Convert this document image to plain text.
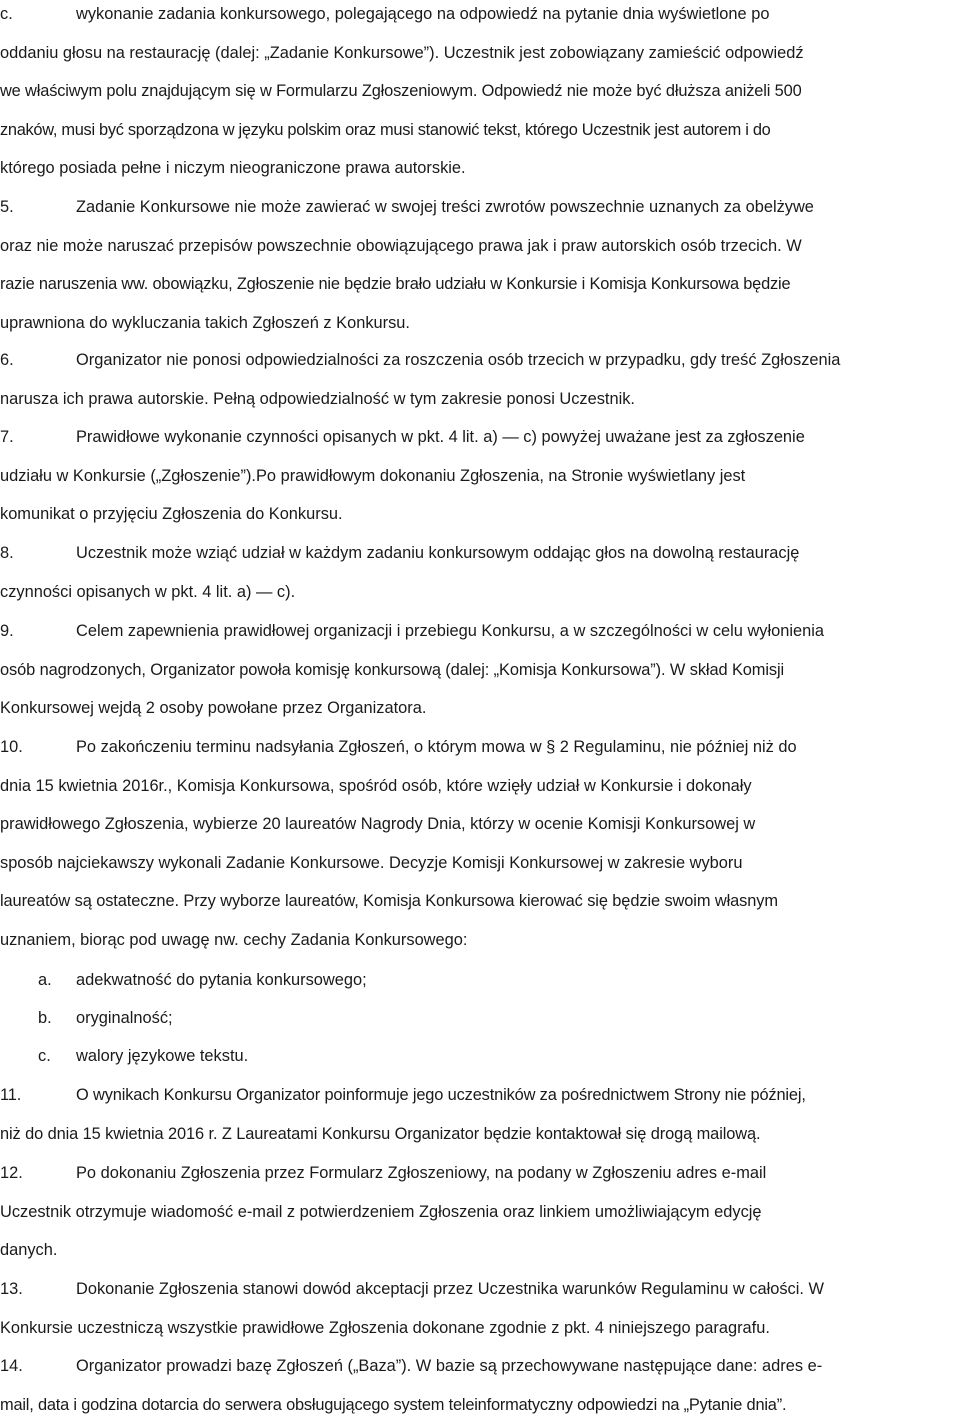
c.	wykonanie zadania konkursowego, polegającego na odpowiedź na pytanie dnia wyświetlone po
oddaniu głosu na restaurację (dalej: „Zadanie Konkursowe”). Uczestnik jest zobowiązany zamieścić odpowiedź
we właściwym polu znajdującym się w Formularzu Zgłoszeniowym. Odpowiedź nie może być dłuższa aniżeli 500
znaków, musi być sporządzona w języku polskim oraz musi stanowić tekst, którego Uczestnik jest autorem i do
którego posiada pełne i niczym nieograniczone prawa autorskie.
5.	Zadanie Konkursowe nie może zawierać w swojej treści zwrotów powszechnie uznanych za obelżywe
oraz nie może naruszać przepisów powszechnie obowiązującego prawa jak i praw autorskich osób trzecich. W
razie naruszenia ww. obowiązku, Zgłoszenie nie będzie brało udziału w Konkursie i Komisja Konkursowa będzie
uprawniona do wykluczania takich Zgłoszeń z Konkursu.
6.	Organizator nie ponosi odpowiedzialności za roszczenia osób trzecich w przypadku, gdy treść Zgłoszenia
narusza ich prawa autorskie. Pełną odpowiedzialność w tym zakresie ponosi Uczestnik.
7.	Prawidłowe wykonanie czynności opisanych w pkt. 4 lit. a) — c) powyżej uważane jest za zgłoszenie
udziału w Konkursie („Zgłoszenie”).Po prawidłowym dokonaniu Zgłoszenia, na Stronie wyświetlany jest
komunikat o przyjęciu Zgłoszenia do Konkursu.
8.	Uczestnik może wziąć udział w każdym zadaniu konkursowym oddając głos na dowolną restaurację
czynności opisanych w pkt. 4 lit. a) — c).
9.	Celem zapewnienia prawidłowej organizacji i przebiegu Konkursu, a w szczególności w celu wyłonienia
osób nagrodzonych, Organizator powoła komisję konkursową (dalej: „Komisja Konkursowa”). W skład Komisji
Konkursowej wejdą 2 osoby powołane przez Organizatora.
10.	Po zakończeniu terminu nadsyłania Zgłoszeń, o którym mowa w § 2 Regulaminu, nie później niż do
dnia 15 kwietnia 2016r., Komisja Konkursowa, spośród osób, które wzięły udział w Konkursie i dokonały
prawidłowego Zgłoszenia, wybierze 20 laureatów Nagrody Dnia, którzy w ocenie Komisji Konkursowej w
sposób najciekawszy wykonali Zadanie Konkursowe. Decyzje Komisji Konkursowej w zakresie wyboru
laureatów są ostateczne. Przy wyborze laureatów, Komisja Konkursowa kierować się będzie swoim własnym
uznaniem, biorąc pod uwagę nw. cechy Zadania Konkursowego:
a. adekwatność do pytania konkursowego;
b. oryginalność;
c. walory językowe tekstu.
11.	O wynikach Konkursu Organizator poinformuje jego uczestników za pośrednictwem Strony nie później,
niż do dnia 15 kwietnia 2016 r. Z Laureatami Konkursu Organizator będzie kontaktował się drogą mailową.
12.	Po dokonaniu Zgłoszenia przez Formularz Zgłoszeniowy, na podany w Zgłoszeniu adres e-mail
Uczestnik otrzymuje wiadomość e-mail z potwierdzeniem Zgłoszenia oraz linkiem umożliwiającym edycję
danych.
13.	Dokonanie Zgłoszenia stanowi dowód akceptacji przez Uczestnika warunków Regulaminu w całości. W
Konkursie uczestniczą wszystkie prawidłowe Zgłoszenia dokonane zgodnie z pkt. 4 niniejszego paragrafu.
14.	Organizator prowadzi bazę Zgłoszeń („Baza”). W bazie są przechowywane następujące dane: adres e-
mail, data i godzina dotarcia do serwera obsługującego system teleinformatyczny odpowiedzi na „Pytanie dnia”.
